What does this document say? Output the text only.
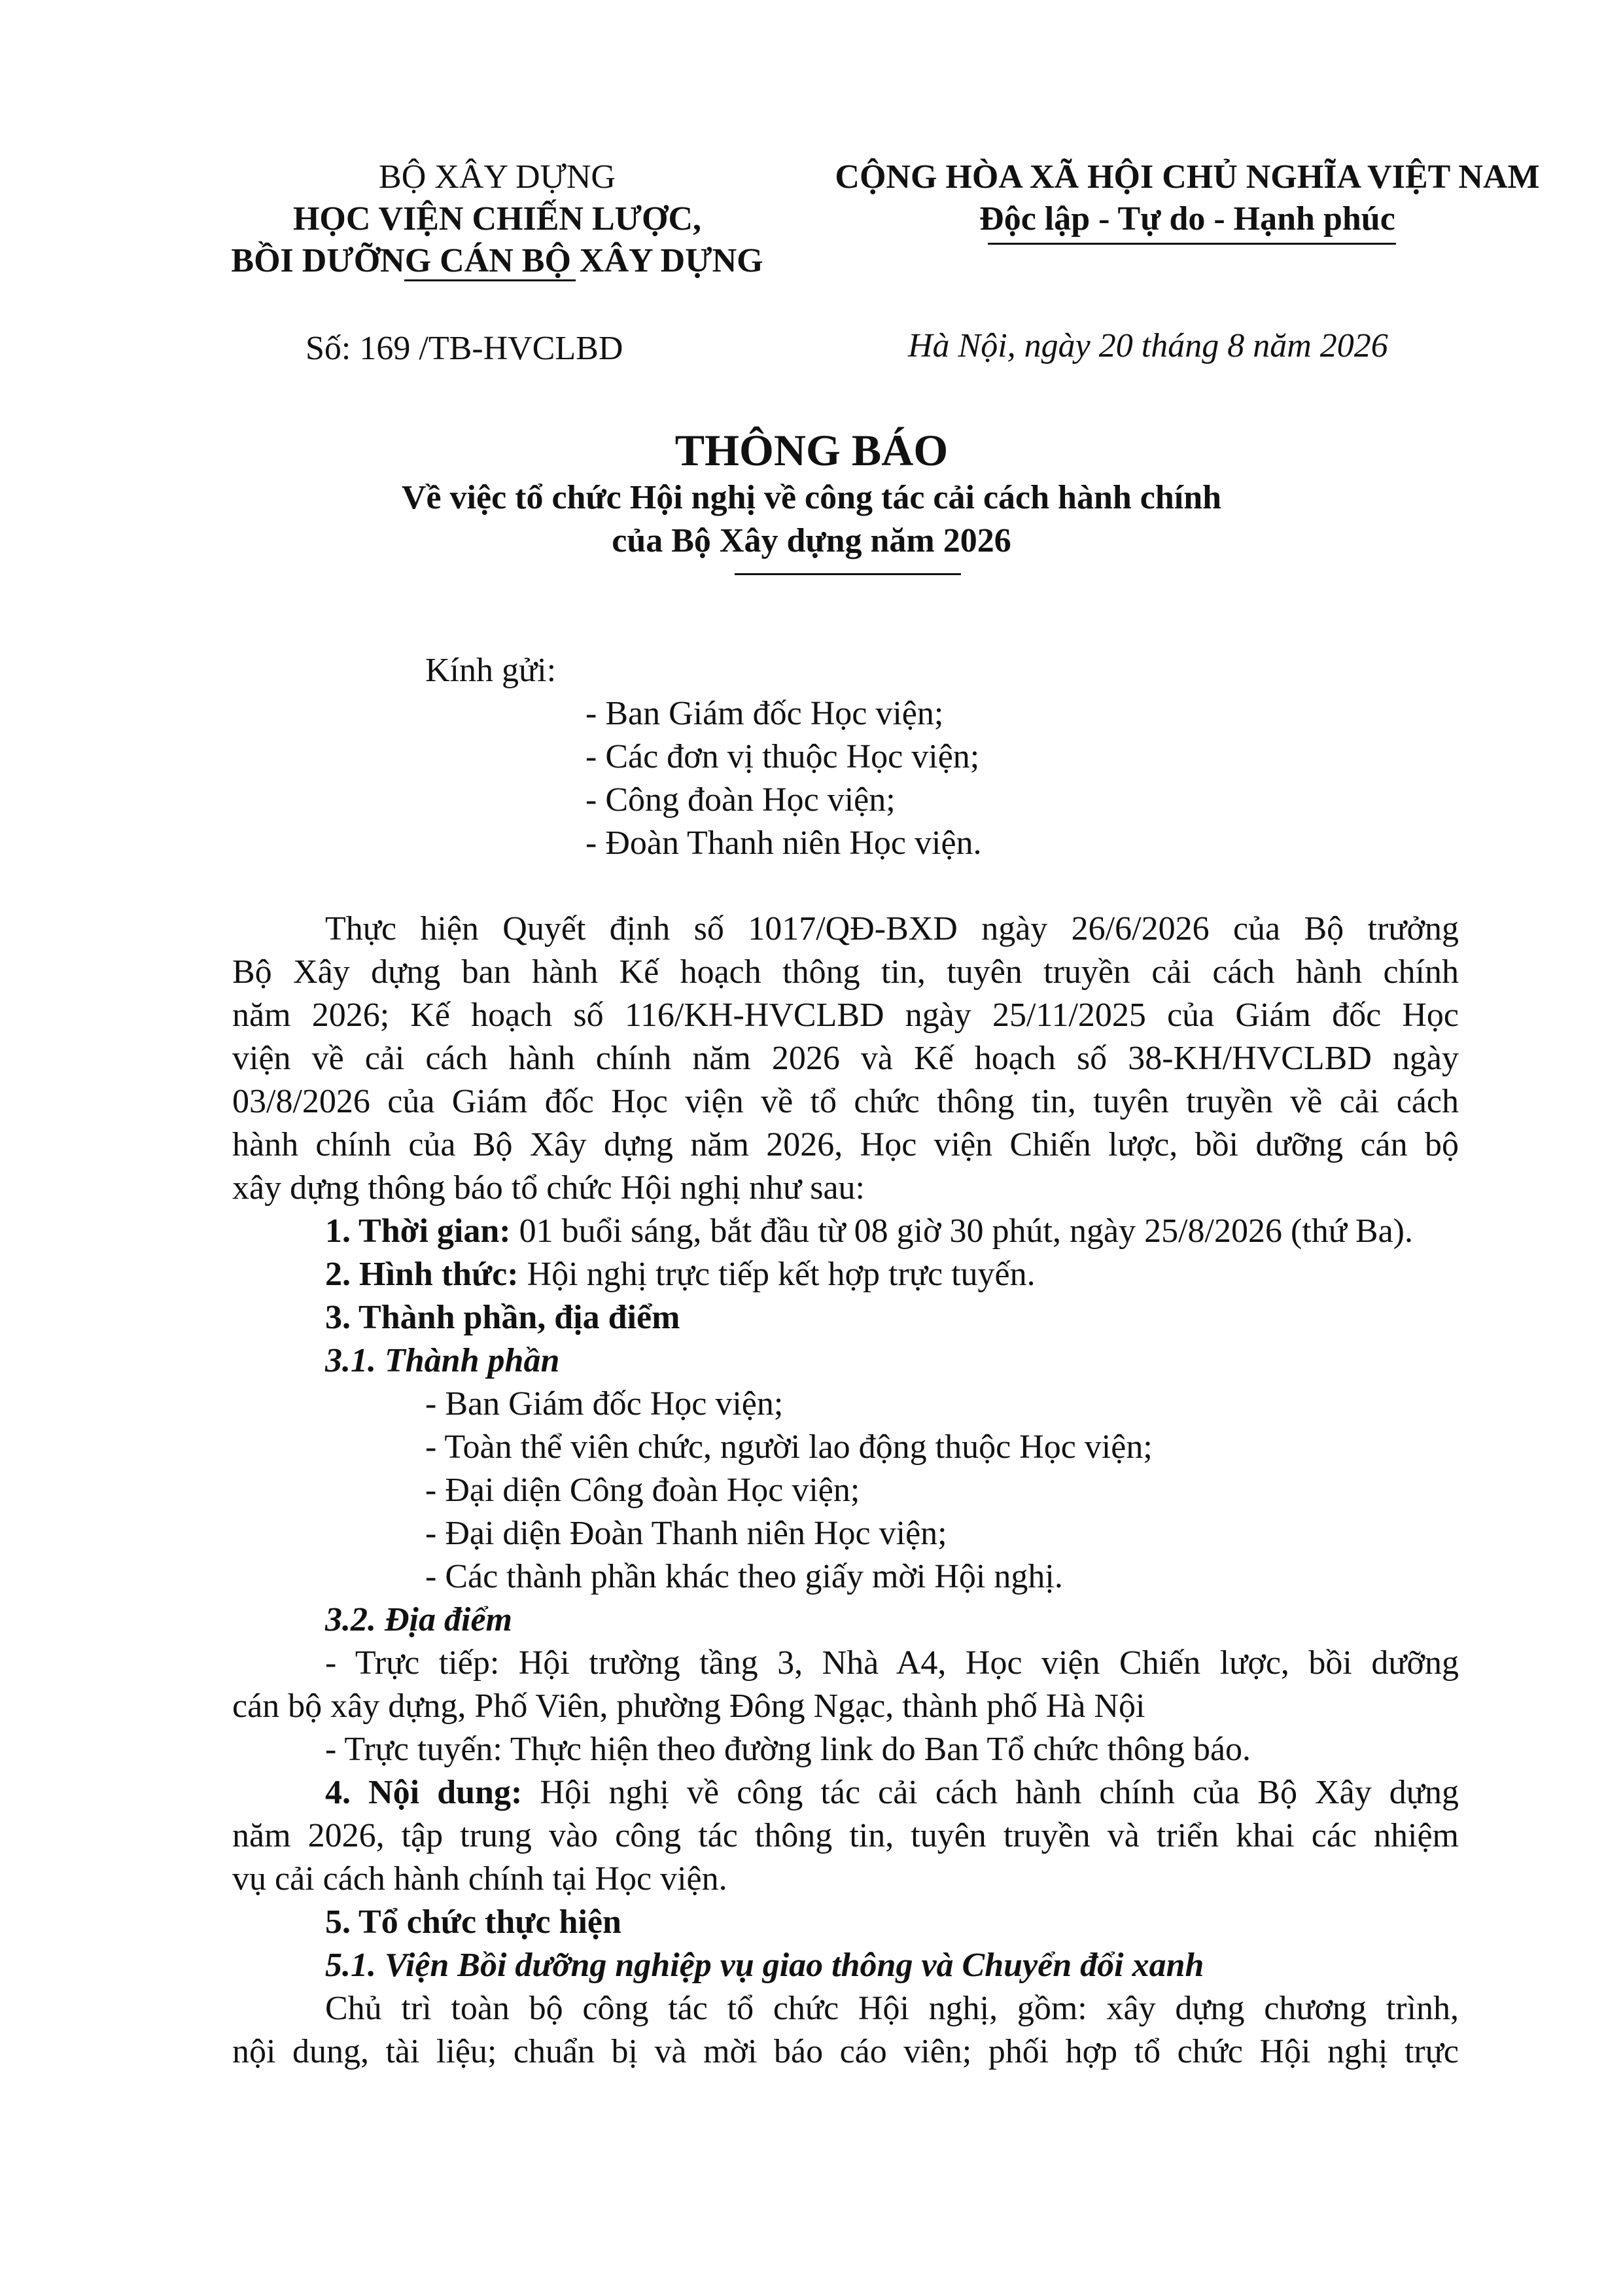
BỘ XÂY DỰNG
HỌC VIỆN CHIẾN LƯỢC,
BỒI DƯỠNG CÁN BỘ XÂY DỰNG
Số: 169 /TB-HVCLBD
CỘNG HÒA XÃ HỘI CHỦ NGHĨA VIỆT NAM
Độc lập - Tự do - Hạnh phúc
Hà Nội, ngày 20 tháng 8 năm 2026
THÔNG BÁO
Về việc tổ chức Hội nghị về công tác cải cách hành chính
của Bộ Xây dựng năm 2026
Kính gửi:
- Ban Giám đốc Học viện;
- Các đơn vị thuộc Học viện;
- Công đoàn Học viện;
- Đoàn Thanh niên Học viện.
Thực hiện Quyết định số 1017/QĐ-BXD ngày 26/6/2026 của Bộ trưởng
Bộ Xây dựng ban hành Kế hoạch thông tin, tuyên truyền cải cách hành chính
năm 2026; Kế hoạch số 116/KH-HVCLBD ngày 25/11/2025 của Giám đốc Học
viện về cải cách hành chính năm 2026 và Kế hoạch số 38-KH/HVCLBD ngày
03/8/2026 của Giám đốc Học viện về tổ chức thông tin, tuyên truyền về cải cách
hành chính của Bộ Xây dựng năm 2026, Học viện Chiến lược, bồi dưỡng cán bộ
xây dựng thông báo tổ chức Hội nghị như sau:
1. Thời gian: 01 buổi sáng, bắt đầu từ 08 giờ 30 phút, ngày 25/8/2026 (thứ Ba).
2. Hình thức: Hội nghị trực tiếp kết hợp trực tuyến.
3. Thành phần, địa điểm
3.1. Thành phần
- Ban Giám đốc Học viện;
- Toàn thể viên chức, người lao động thuộc Học viện;
- Đại diện Công đoàn Học viện;
- Đại diện Đoàn Thanh niên Học viện;
- Các thành phần khác theo giấy mời Hội nghị.
3.2. Địa điểm
- Trực tiếp: Hội trường tầng 3, Nhà A4, Học viện Chiến lược, bồi dưỡng
cán bộ xây dựng, Phố Viên, phường Đông Ngạc, thành phố Hà Nội
- Trực tuyến: Thực hiện theo đường link do Ban Tổ chức thông báo.
4. Nội dung: Hội nghị về công tác cải cách hành chính của Bộ Xây dựng
năm 2026, tập trung vào công tác thông tin, tuyên truyền và triển khai các nhiệm
vụ cải cách hành chính tại Học viện.
5. Tổ chức thực hiện
5.1. Viện Bồi dưỡng nghiệp vụ giao thông và Chuyển đổi xanh
Chủ trì toàn bộ công tác tổ chức Hội nghị, gồm: xây dựng chương trình,
nội dung, tài liệu; chuẩn bị và mời báo cáo viên; phối hợp tổ chức Hội nghị trực
